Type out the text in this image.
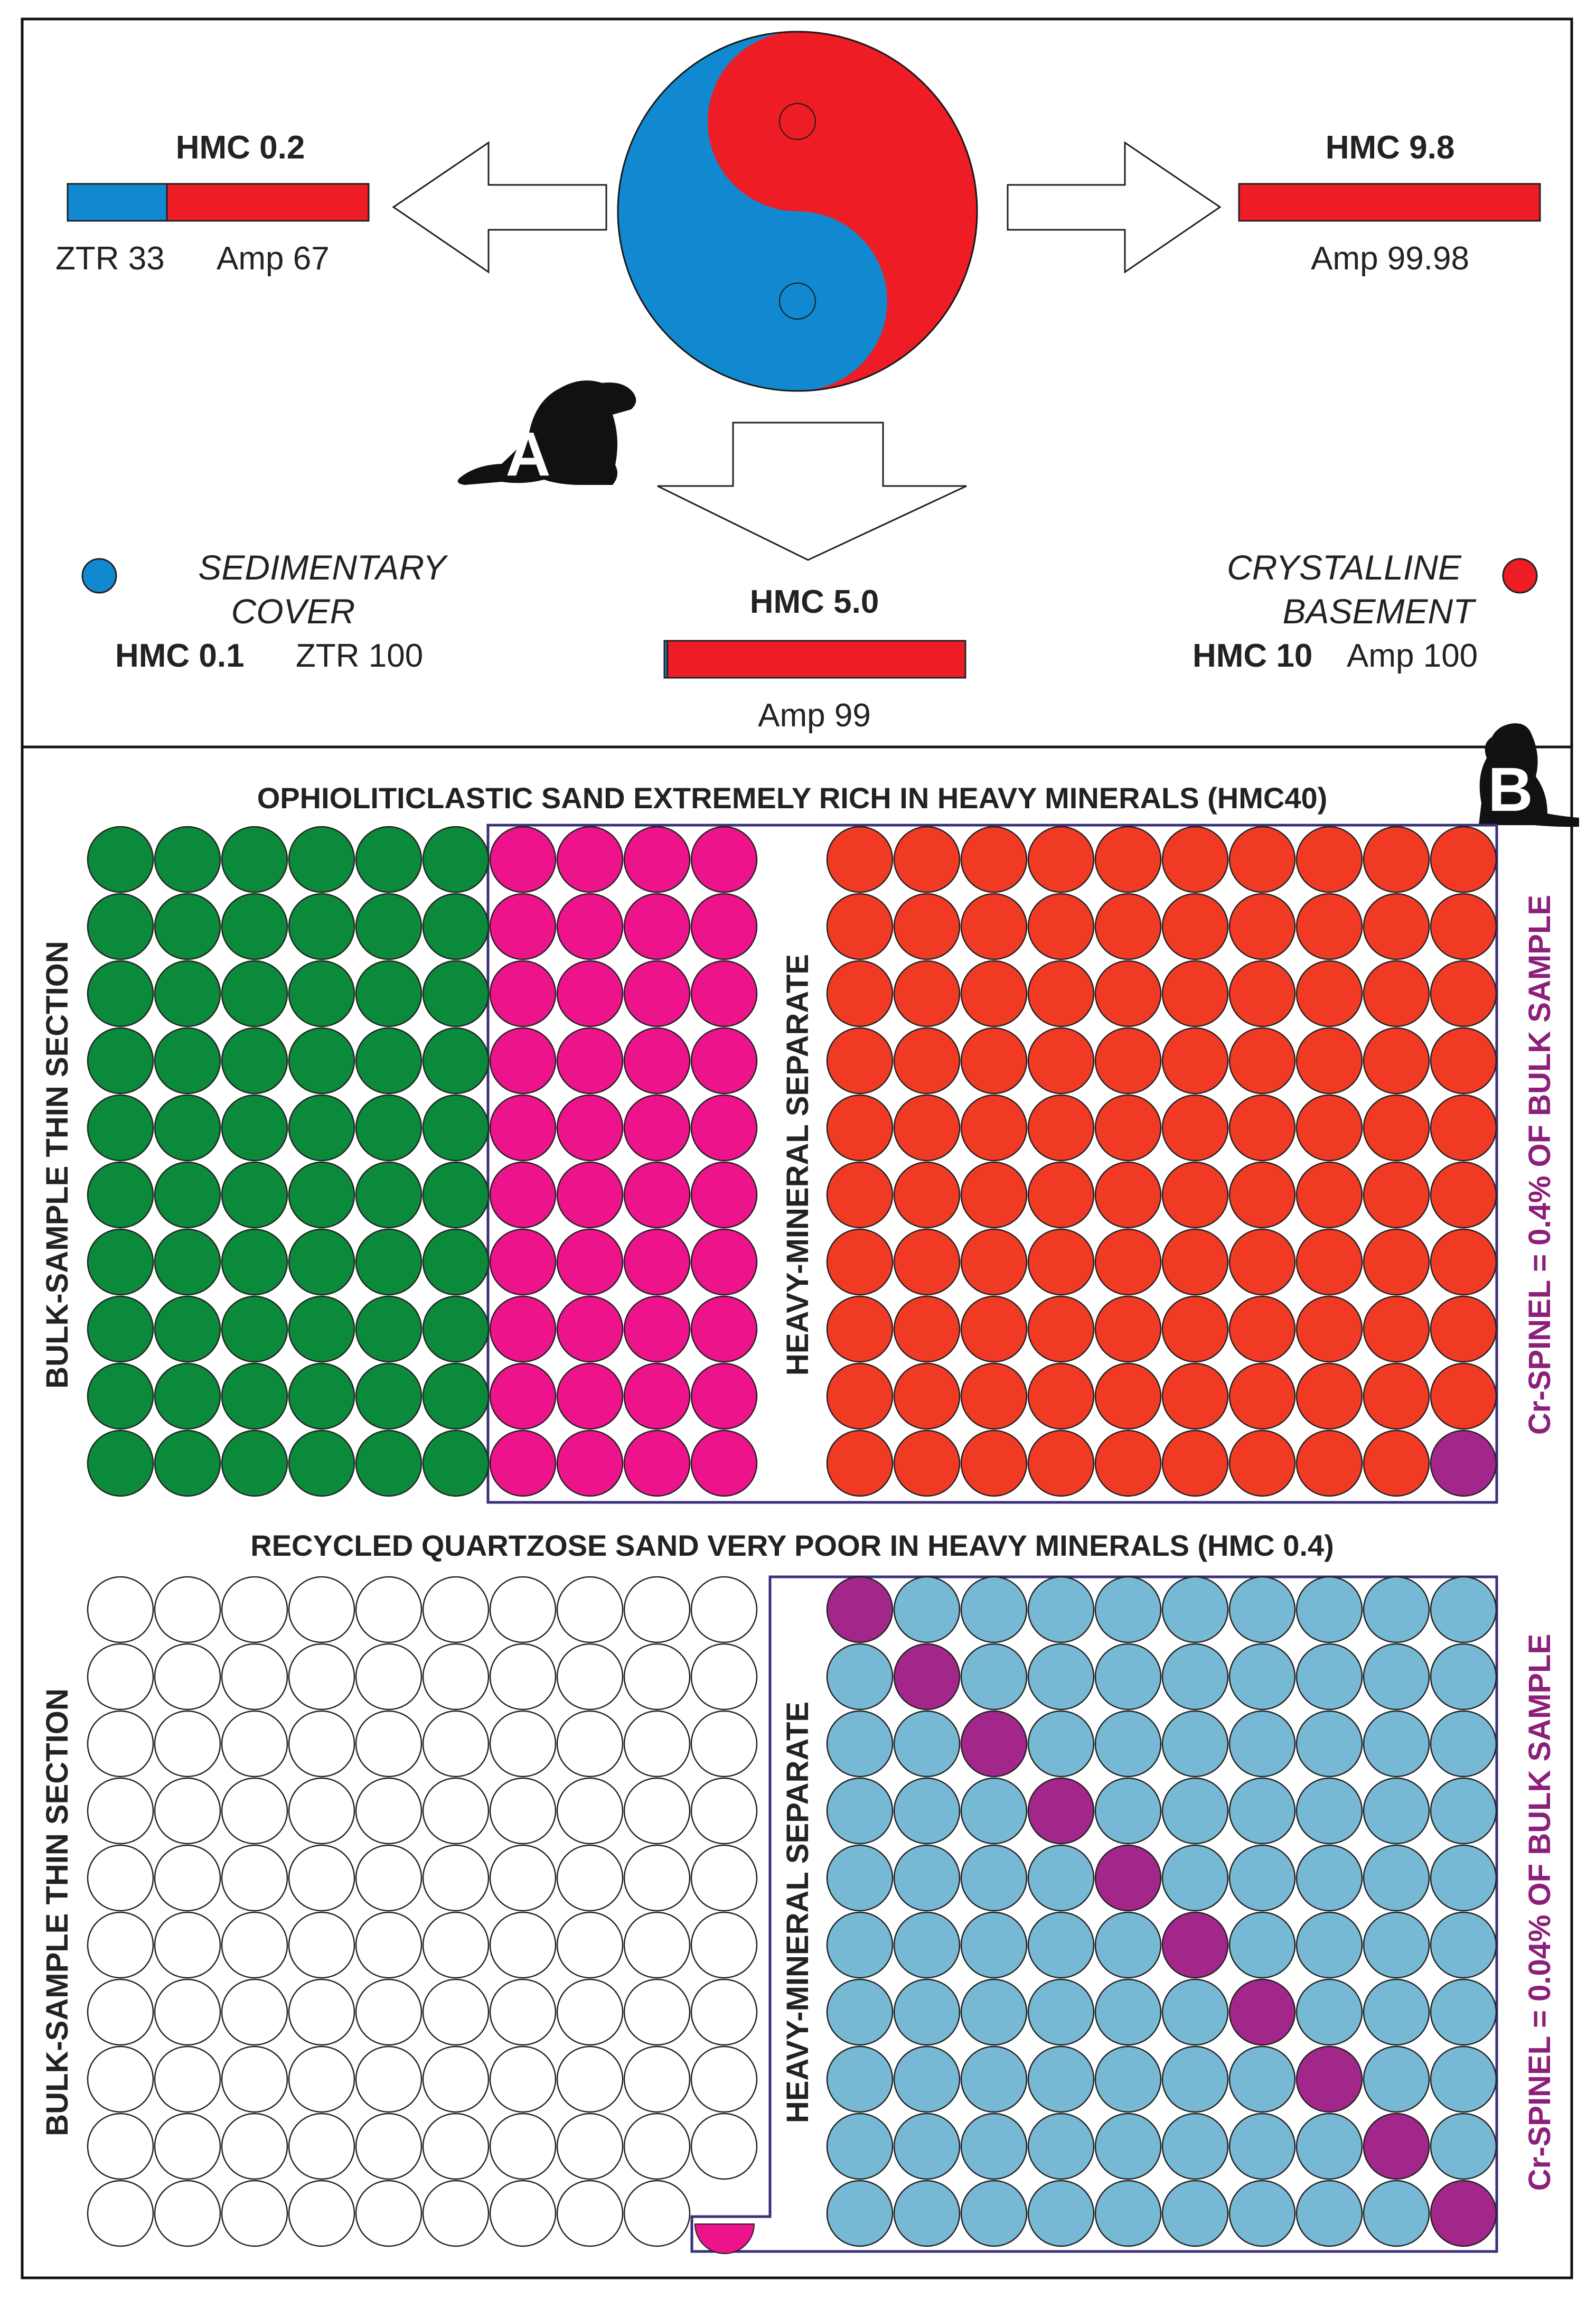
HMC 0.2
ZTR 33 Amp 67
HMC 9.8
Amp 99.98
HMC 5.0
Amp 99
SEDIMENTARY
COVER
HMC 0.1 ZTR 100
CRYSTALLINE
BASEMENT
HMC 10 Amp 100
A
B
OPHIOLITICLASTIC SAND EXTREMELY RICH IN HEAVY MINERALS (HMC40)
BULK-SAMPLE THIN SECTION	HEAVY-MINERAL SEPARATE	Cr-SPINEL = 0.4% OF BULK SAMPLE
RECYCLED QUARTZOSE SAND VERY POOR IN HEAVY MINERALS (HMC 0.4)
BULK-SAMPLE THIN SECTION	HEAVY-MINERAL SEPARATE	Cr-SPINEL = 0.04% OF BULK SAMPLE
